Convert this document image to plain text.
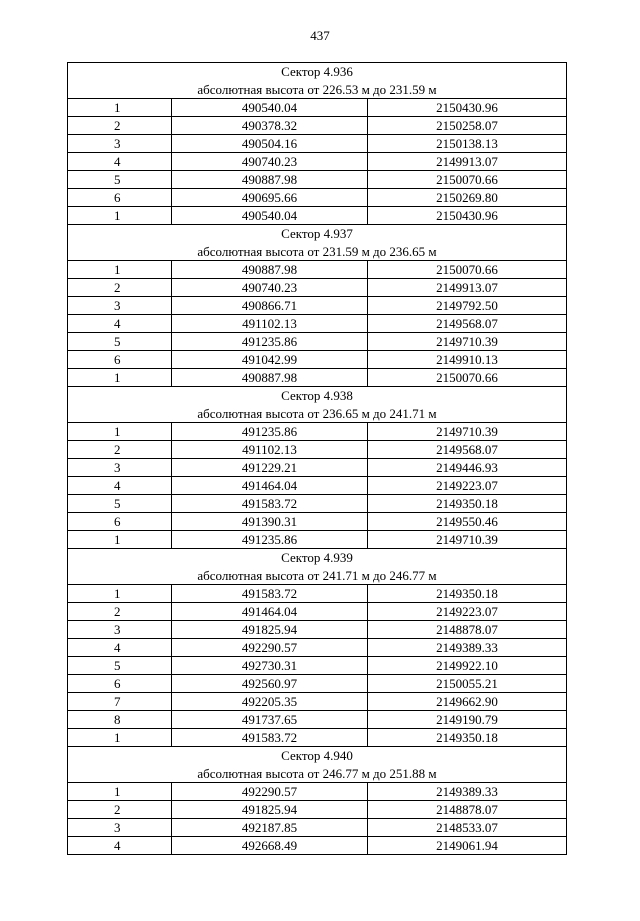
437
Сектор 4.936		
абсолютная высота от 226.53 м до 231.59 м		
1	490540.04	2150430.96
2	490378.32	2150258.07
3	490504.16	2150138.13
4	490740.23	2149913.07
5	490887.98	2150070.66
6	490695.66	2150269.80
1	490540.04	2150430.96
Сектор 4.937		
абсолютная высота от 231.59 м до 236.65 м		
1	490887.98	2150070.66
2	490740.23	2149913.07
3	490866.71	2149792.50
4	491102.13	2149568.07
5	491235.86	2149710.39
6	491042.99	2149910.13
1	490887.98	2150070.66
Сектор 4.938		
абсолютная высота от 236.65 м до 241.71 м		
1	491235.86	2149710.39
2	491102.13	2149568.07
3	491229.21	2149446.93
4	491464.04	2149223.07
5	491583.72	2149350.18
6	491390.31	2149550.46
1	491235.86	2149710.39
Сектор 4.939		
абсолютная высота от 241.71 м до 246.77 м		
1	491583.72	2149350.18
2	491464.04	2149223.07
3	491825.94	2148878.07
4	492290.57	2149389.33
5	492730.31	2149922.10
6	492560.97	2150055.21
7	492205.35	2149662.90
8	491737.65	2149190.79
1	491583.72	2149350.18
Сектор 4.940		
абсолютная высота от 246.77 м до 251.88 м		
1	492290.57	2149389.33
2	491825.94	2148878.07
3	492187.85	2148533.07
4	492668.49	2149061.94
